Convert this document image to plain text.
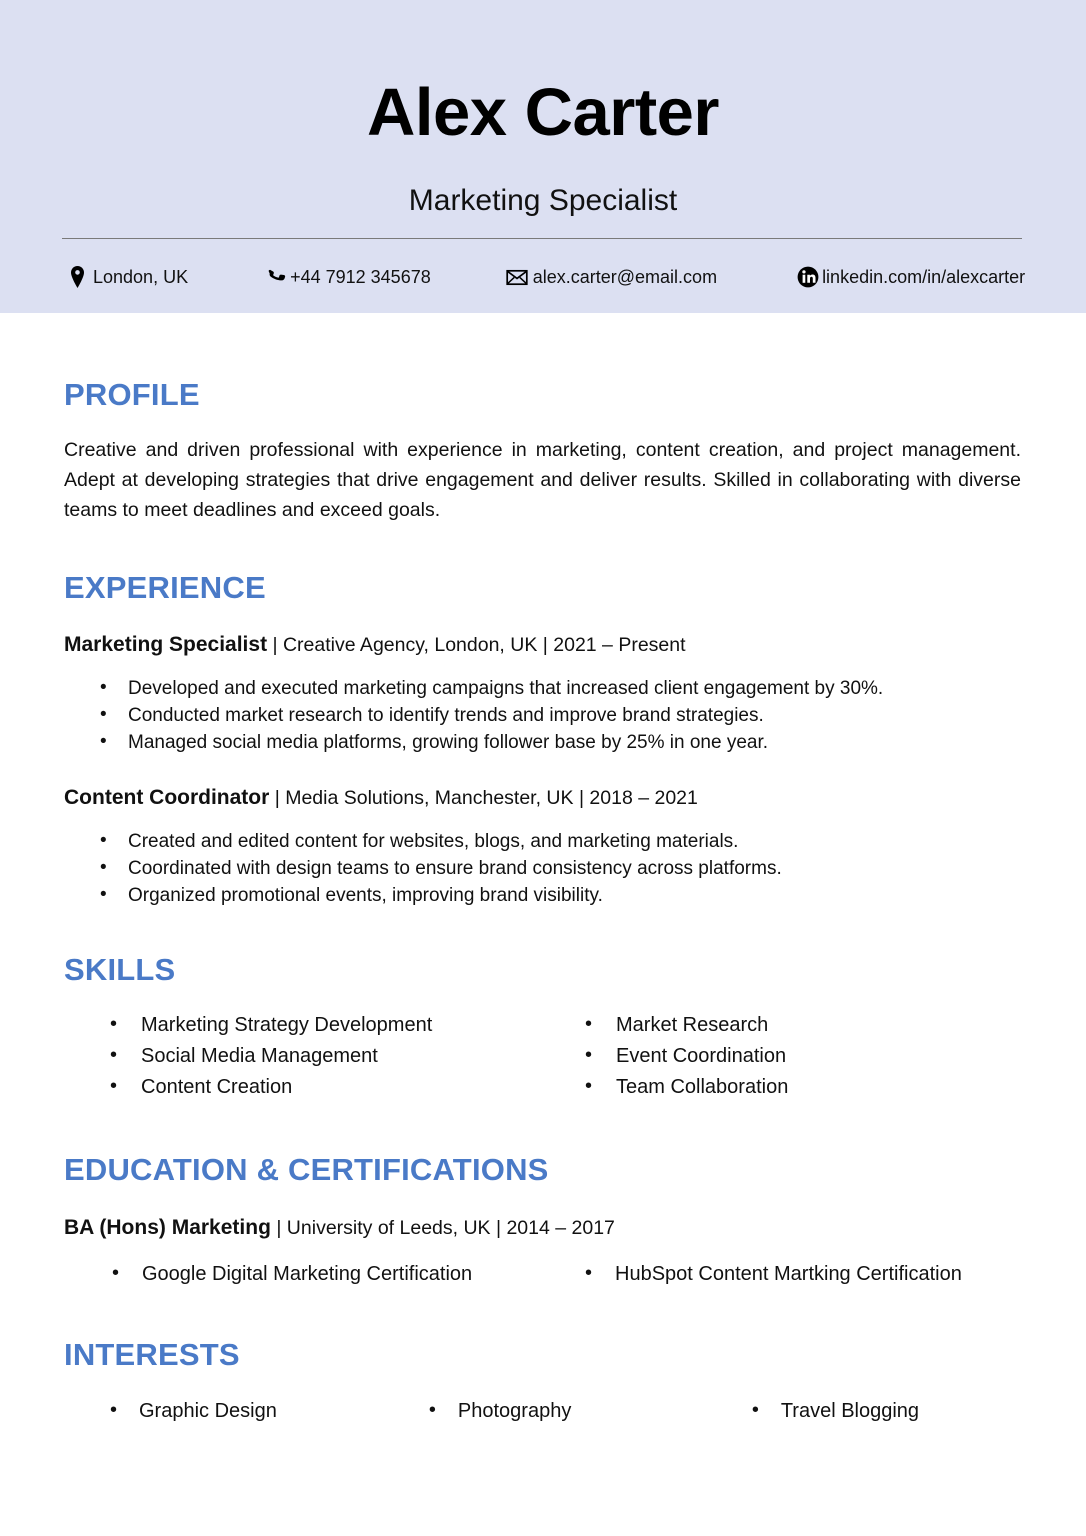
Alex Carter
Marketing Specialist
London, UK	+44 7912 345678	alex.carter@email.com	linkedin.com/in/alexcarter
PROFILE
Creative and driven professional with experience in marketing, content creation, and project management. Adept at developing strategies that drive engagement and deliver results. Skilled in collaborating with diverse teams to meet deadlines and exceed goals.
EXPERIENCE
Marketing Specialist | Creative Agency, London, UK | 2021 – Present
• Developed and executed marketing campaigns that increased client engagement by 30%.
• Conducted market research to identify trends and improve brand strategies.
• Managed social media platforms, growing follower base by 25% in one year.
Content Coordinator | Media Solutions, Manchester, UK | 2018 – 2021
• Created and edited content for websites, blogs, and marketing materials.
• Coordinated with design teams to ensure brand consistency across platforms.
• Organized promotional events, improving brand visibility.
SKILLS
• Marketing Strategy Development
• Social Media Management
• Content Creation
• Market Research
• Event Coordination
• Team Collaboration
EDUCATION & CERTIFICATIONS
BA (Hons) Marketing | University of Leeds, UK | 2014 – 2017
• Google Digital Marketing Certification	• HubSpot Content Martking Certification
INTERESTS
• Graphic Design	• Photography	• Travel Blogging
